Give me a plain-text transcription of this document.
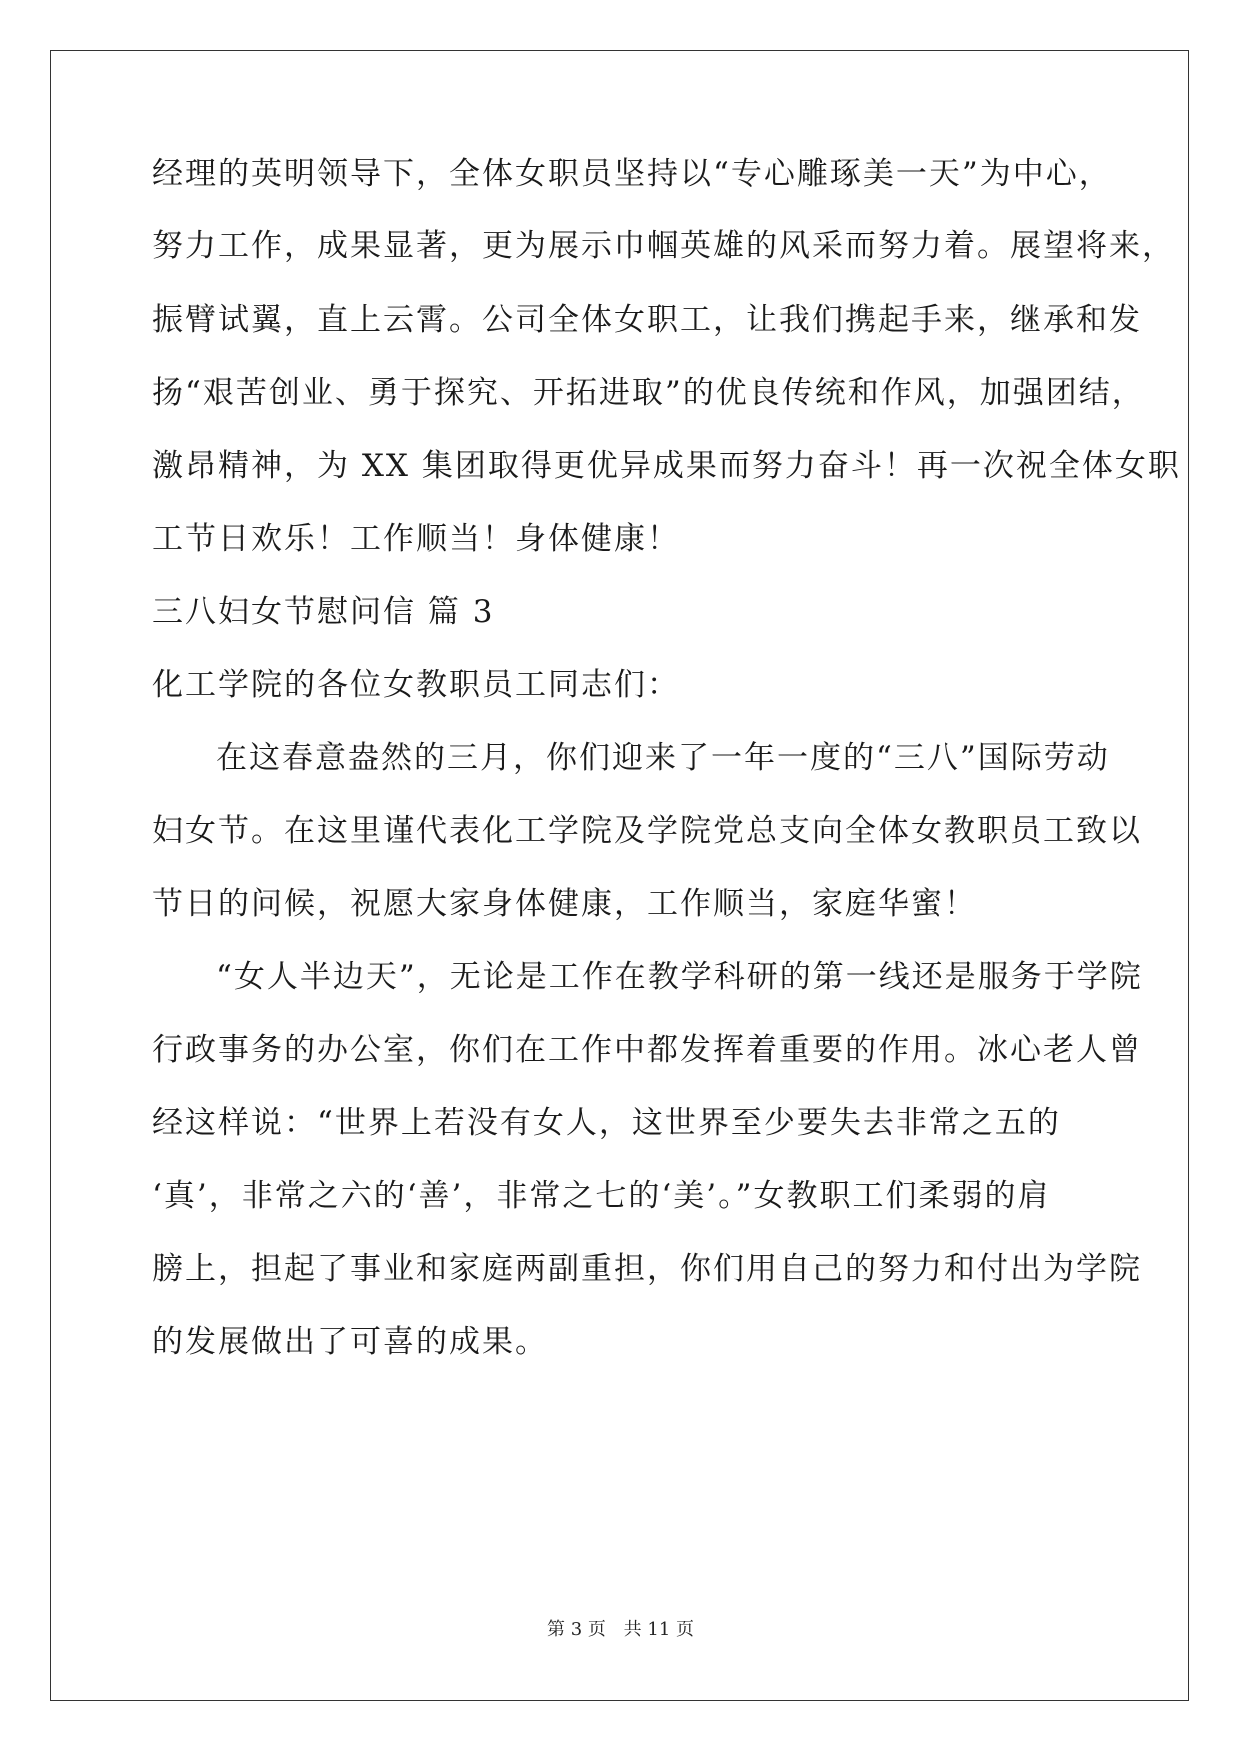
经理的英明领导下，全体女职员坚持以“专心雕琢美一天”为中心，
努力工作，成果显著，更为展示巾帼英雄的风采而努力着。展望将来，
振臂试翼，直上云霄。公司全体女职工，让我们携起手来，继承和发
扬“艰苦创业、勇于探究、开拓进取”的优良传统和作风，加强团结，
激昂精神，为 XX 集团取得更优异成果而努力奋斗！再一次祝全体女职
工节日欢乐！工作顺当！身体健康！
三八妇女节慰问信 篇 3
化工学院的各位女教职员工同志们：
在这春意盎然的三月，你们迎来了一年一度的“三八”国际劳动
妇女节。在这里谨代表化工学院及学院党总支向全体女教职员工致以
节日的问候，祝愿大家身体健康，工作顺当，家庭华蜜！
“女人半边天”，无论是工作在教学科研的第一线还是服务于学院
行政事务的办公室，你们在工作中都发挥着重要的作用。冰心老人曾
经这样说：“世界上若没有女人，这世界至少要失去非常之五的
‘真’，非常之六的‘善’，非常之七的‘美’。”女教职工们柔弱的肩
膀上，担起了事业和家庭两副重担，你们用自己的努力和付出为学院
的发展做出了可喜的成果。
第 3 页 共 11 页
